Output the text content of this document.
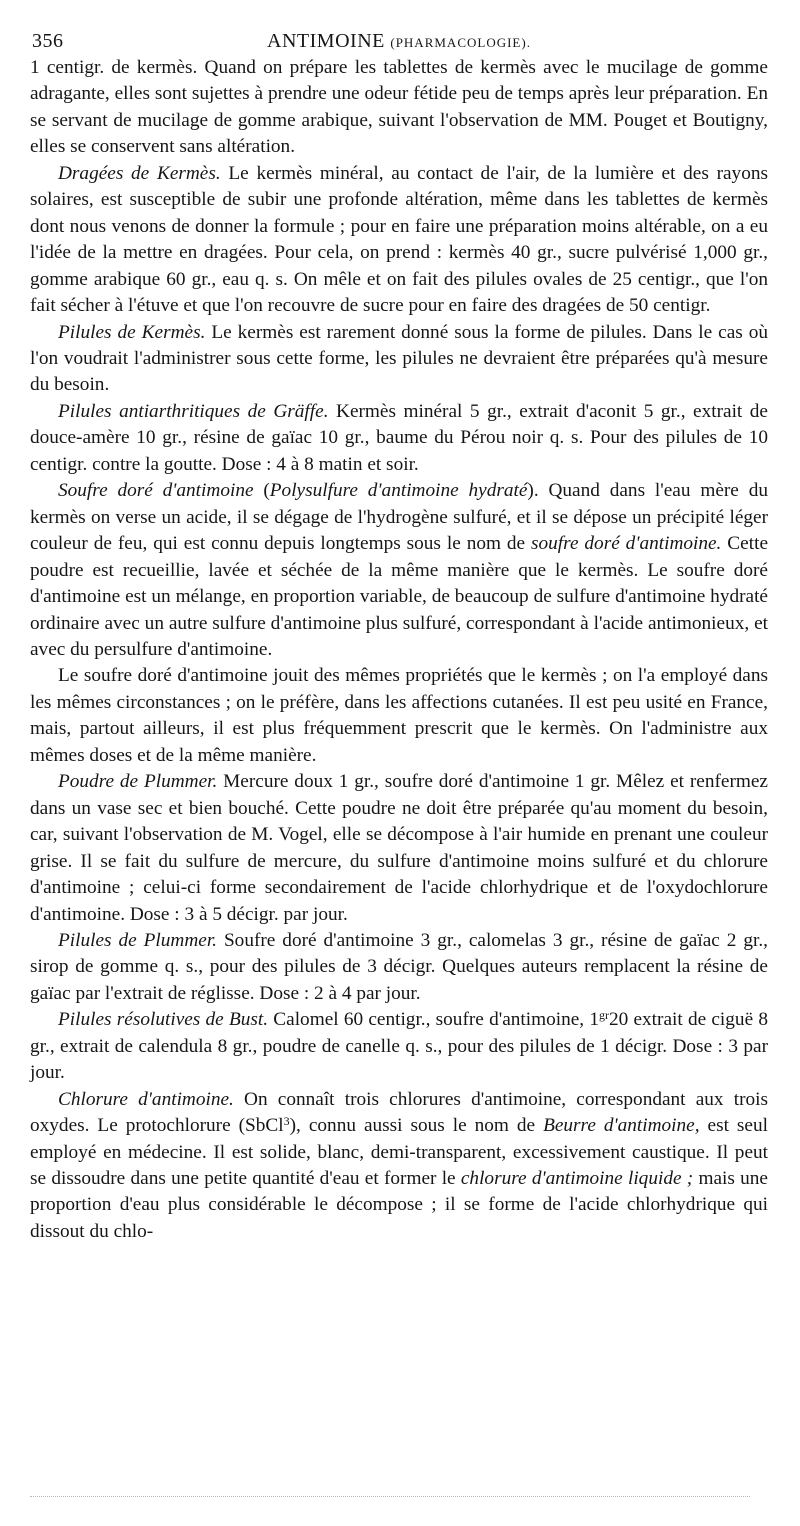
356	ANTIMOINE (PHARMACOLOGIE).

1 centigr. de kermès. Quand on prépare les tablettes de kermès avec le mucilage de gomme adragante, elles sont sujettes à prendre une odeur fétide peu de temps après leur préparation. En se servant de mucilage de gomme arabique, suivant l'observation de MM. Pouget et Boutigny, elles se conservent sans altération.

Dragées de Kermès. Le kermès minéral, au contact de l'air, de la lumière et des rayons solaires, est susceptible de subir une profonde altération, même dans les tablettes de kermès dont nous venons de donner la formule ; pour en faire une préparation moins altérable, on a eu l'idée de la mettre en dragées. Pour cela, on prend : kermès 40 gr., sucre pulvérisé 1,000 gr., gomme arabique 60 gr., eau q. s. On mêle et on fait des pilules ovales de 25 centigr., que l'on fait sécher à l'étuve et que l'on recouvre de sucre pour en faire des dragées de 50 centigr.

Pilules de Kermès. Le kermès est rarement donné sous la forme de pilules. Dans le cas où l'on voudrait l'administrer sous cette forme, les pilules ne devraient être préparées qu'à mesure du besoin.

Pilules antiarthritiques de Gräffe. Kermès minéral 5 gr., extrait d'aconit 5 gr., extrait de douce-amère 10 gr., résine de gaïac 10 gr., baume du Pérou noir q. s. Pour des pilules de 10 centigr. contre la goutte. Dose : 4 à 8 matin et soir.

Soufre doré d'antimoine (Polysulfure d'antimoine hydraté). Quand dans l'eau mère du kermès on verse un acide, il se dégage de l'hydrogène sulfuré, et il se dépose un précipité léger couleur de feu, qui est connu depuis longtemps sous le nom de soufre doré d'antimoine. Cette poudre est recueillie, lavée et séchée de la même manière que le kermès. Le soufre doré d'antimoine est un mélange, en proportion variable, de beaucoup de sulfure d'antimoine hydraté ordinaire avec un autre sulfure d'antimoine plus sulfuré, correspondant à l'acide antimonieux, et avec du persulfure d'antimoine.

Le soufre doré d'antimoine jouit des mêmes propriétés que le kermès ; on l'a employé dans les mêmes circonstances ; on le préfère, dans les affections cutanées. Il est peu usité en France, mais, partout ailleurs, il est plus fréquemment prescrit que le kermès. On l'administre aux mêmes doses et de la même manière.

Poudre de Plummer. Mercure doux 1 gr., soufre doré d'antimoine 1 gr. Mêlez et renfermez dans un vase sec et bien bouché. Cette poudre ne doit être préparée qu'au moment du besoin, car, suivant l'observation de M. Vogel, elle se décompose à l'air humide en prenant une couleur grise. Il se fait du sulfure de mercure, du sulfure d'antimoine moins sulfuré et du chlorure d'antimoine ; celui-ci forme secondairement de l'acide chlorhydrique et de l'oxydochlorure d'antimoine. Dose : 3 à 5 décigr. par jour.

Pilules de Plummer. Soufre doré d'antimoine 3 gr., calomelas 3 gr., résine de gaïac 2 gr., sirop de gomme q. s., pour des pilules de 3 décigr. Quelques auteurs remplacent la résine de gaïac par l'extrait de réglisse. Dose : 2 à 4 par jour.

Pilules résolutives de Bust. Calomel 60 centigr., soufre d'antimoine, $1^{gr}20$ extrait de ciguë 8 gr., extrait de calendula 8 gr., poudre de canelle q. s., pour des pilules de 1 décigr. Dose : 3 par jour.

Chlorure d'antimoine. On connaît trois chlorures d'antimoine, correspondant aux trois oxydes. Le protochlorure (SbCl$^3$), connu aussi sous le nom de Beurre d'antimoine, est seul employé en médecine. Il est solide, blanc, demi-transparent, excessivement caustique. Il peut se dissoudre dans une petite quantité d'eau et former le chlorure d'antimoine liquide ; mais une proportion d'eau plus considérable le décompose ; il se forme de l'acide chlorhydrique qui dissout du chlo-
